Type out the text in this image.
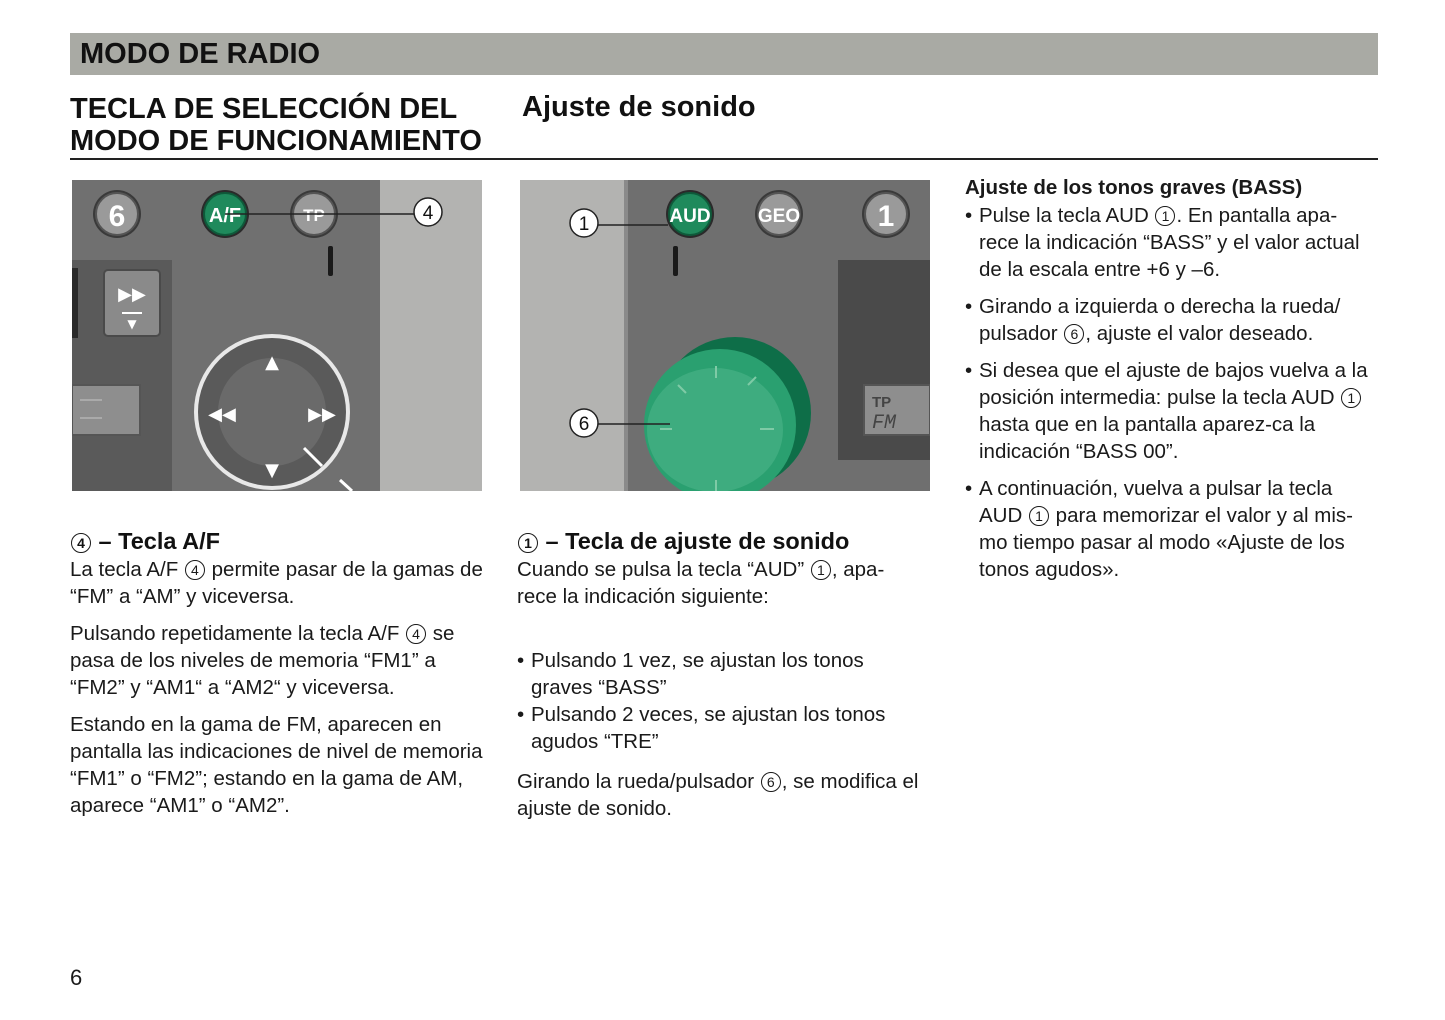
MODO DE RADIO
TECLA DE SELECCIÓN DEL
MODO DE FUNCIONAMIENTO
Ajuste de sonido
▶▶
▼
6	A/F	TP	4
▲
▼
◀◀	▶▶
TP
FM
AUD GEO	1
1
6
4 – Tecla A/F

La tecla A/F 4 permite pasar de la gamas de “FM” a “AM” y viceversa.

Pulsando repetidamente la tecla A/F 4 se pasa de los niveles de memoria “FM1” a “FM2” y “AM1“ a “AM2“ y viceversa.

Estando en la gama de FM, aparecen en pantalla las indicaciones de nivel de memoria “FM1” o “FM2”; estando en la gama de AM, aparece “AM1” o “AM2”.

1 – Tecla de ajuste de sonido

Cuando se pulsa la tecla “AUD” 1 , apa-rece la indicación siguiente:

• Pulsando 1 vez, se ajustan los tonos graves “BASS”

• Pulsando 2 veces, se ajustan los tonos agudos “TRE”

Girando la rueda/pulsador 6 , se modifica el ajuste de sonido.

Ajuste de los tonos graves (BASS)

• Pulse la tecla AUD 1 . En pantalla apa-rece la indicación “BASS” y el valor actual de la escala entre +6 y –6.

• Girando a izquierda o derecha la rueda/ pulsador 6 , ajuste el valor deseado.

• Si desea que el ajuste de bajos vuelva a la posición intermedia: pulse la tecla AUD 1 hasta que en la pantalla aparez-ca la indicación “BASS 00”.

• A continuación, vuelva a pulsar la tecla AUD 1 para memorizar el valor y al mis-mo tiempo pasar al modo «Ajuste de los tonos agudos».

6
